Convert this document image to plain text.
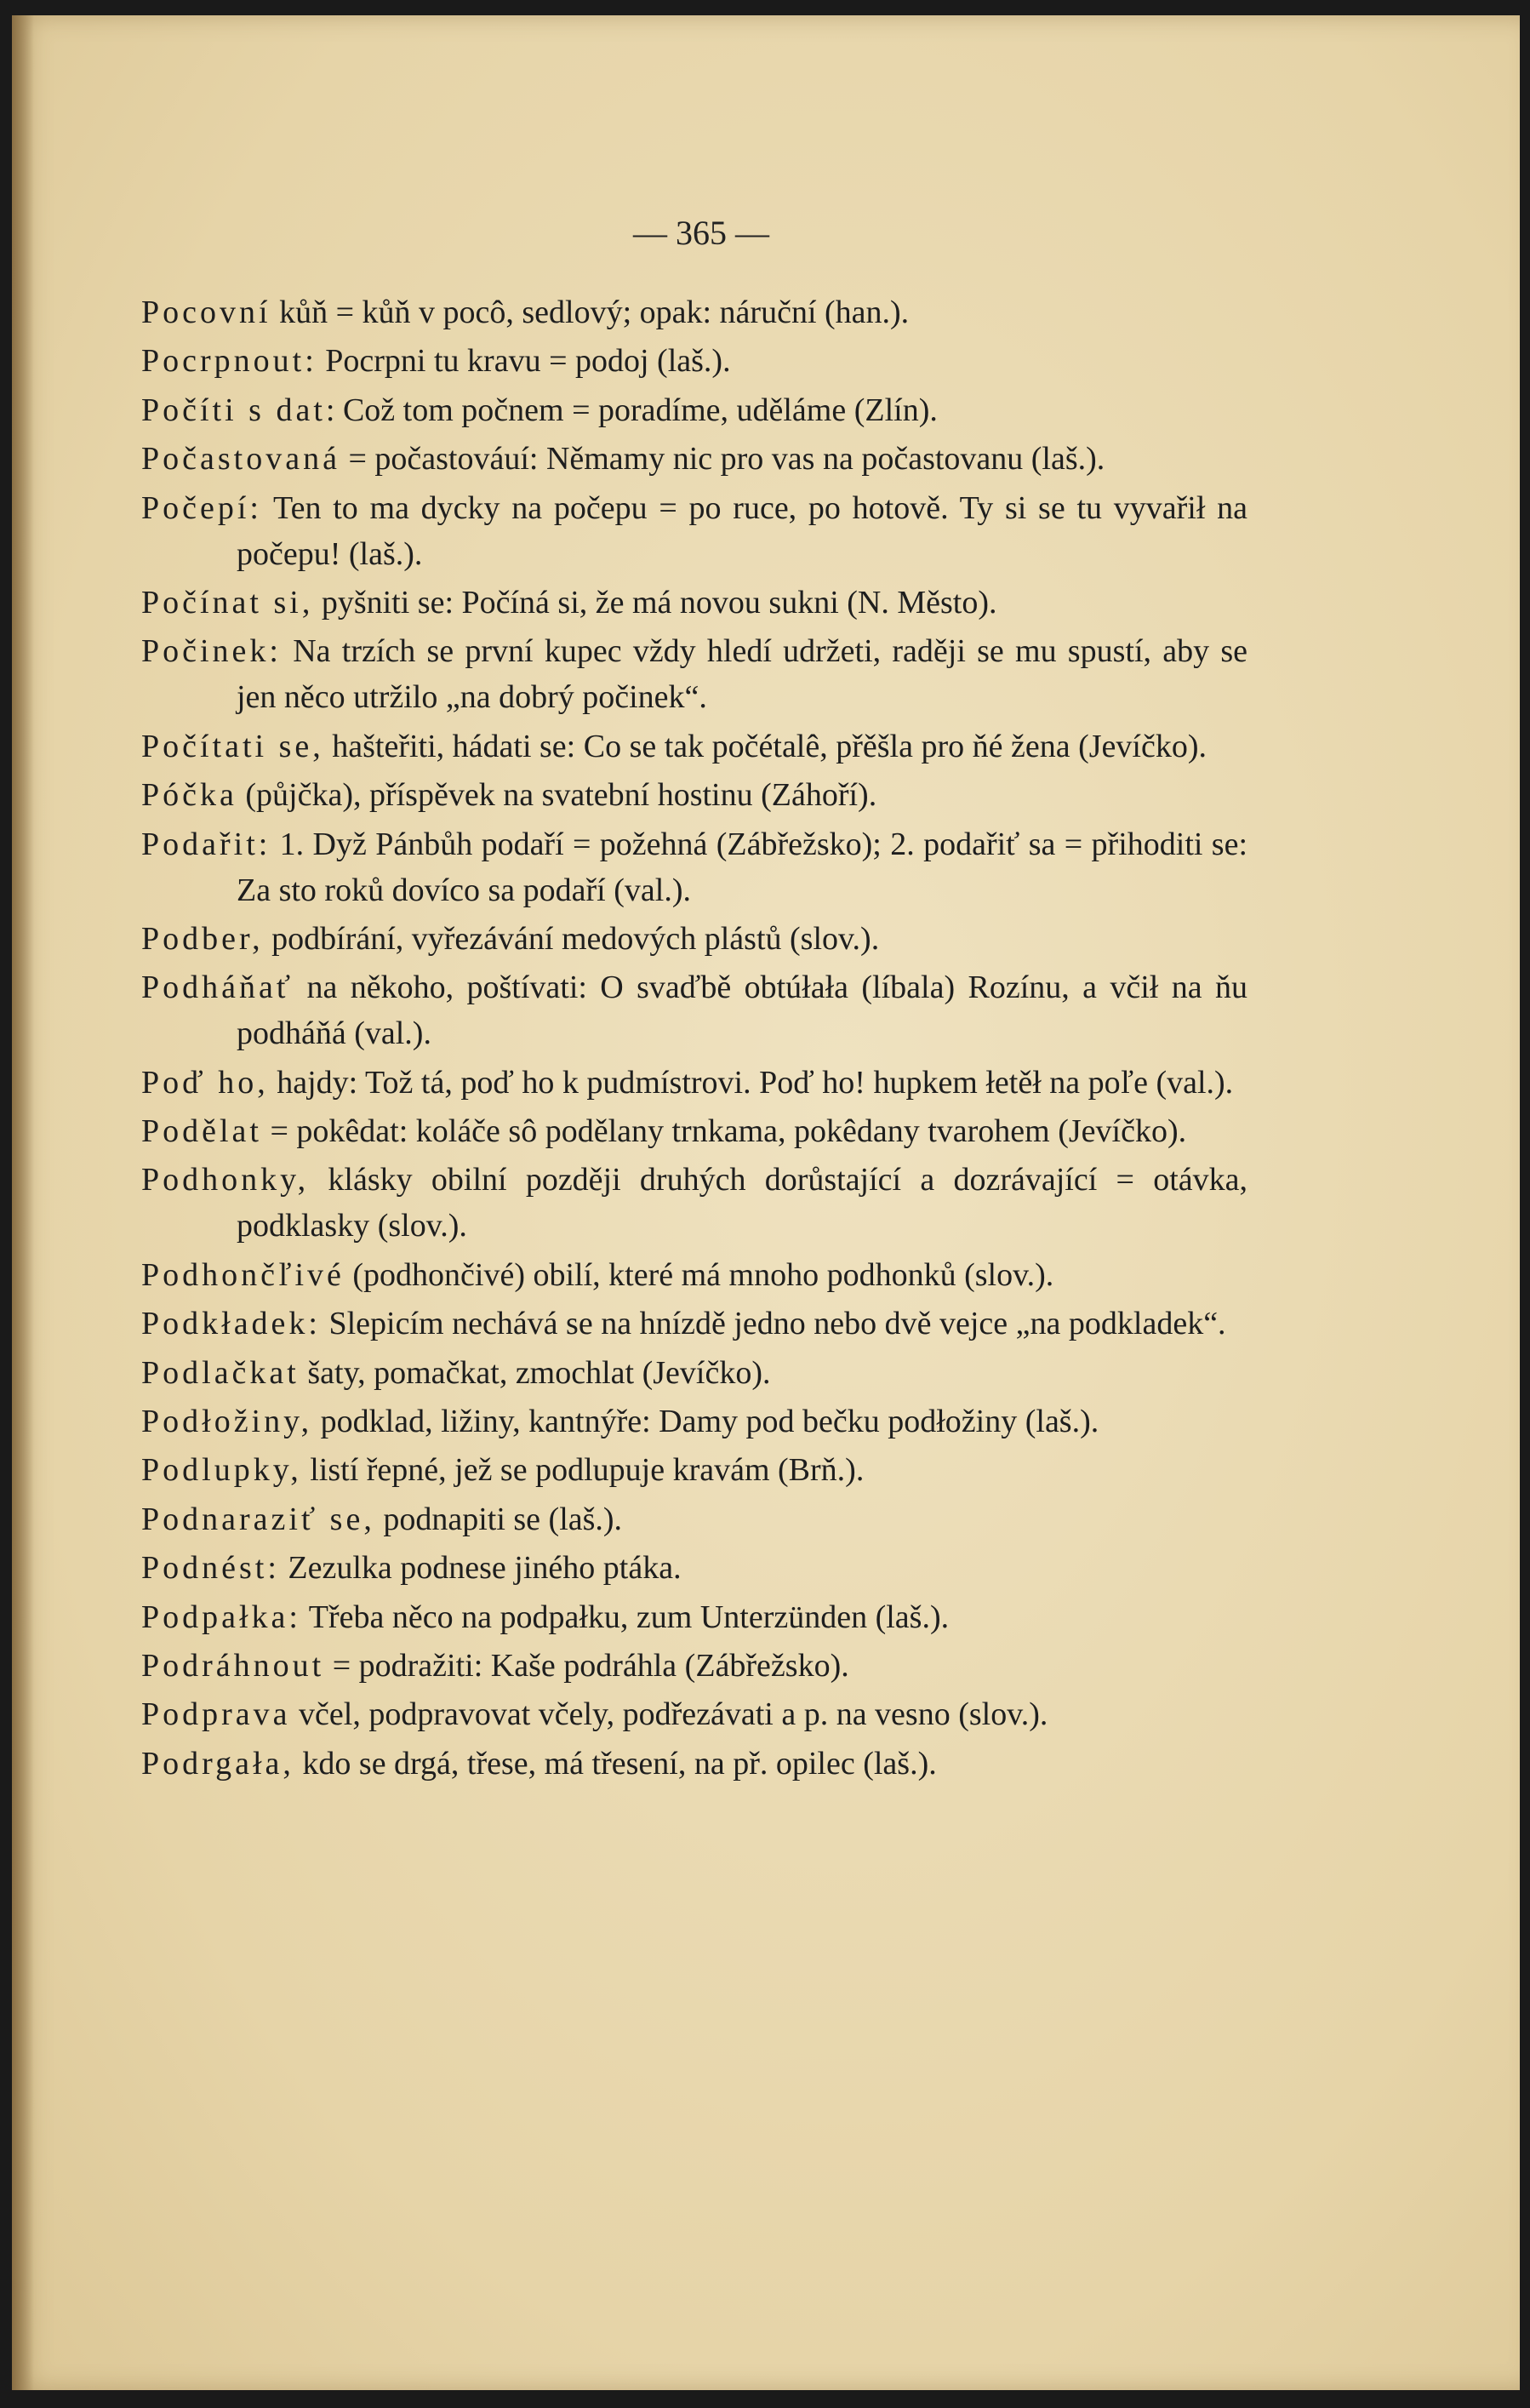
— 365 —

Pocovní kůň = kůň v pocô, sedlový; opak: náruční (han.).

Pocrpnout: Pocrpni tu kravu = podoj (laš.).

Počíti s dat: Což tom počnem = poradíme, uděláme (Zlín).

Počastovaná = počastováuí: Němamy nic pro vas na počastovanu (laš.).

Počepí: Ten to ma dycky na počepu = po ruce, po hotově. Ty si se tu vyvařił na počepu! (laš.).

Počínat si, pyšniti se: Počíná si, že má novou sukni (N. Město).

Počinek: Na trzích se první kupec vždy hledí udržeti, raději se mu spustí, aby se jen něco utržilo „na dobrý počinek“.

Počítati se, hašteřiti, hádati se: Co se tak počétalê, přěšla pro ňé žena (Jevíčko).

Póčka (půjčka), příspěvek na svatební hostinu (Záhoří).

Podařit: 1. Dyž Pánbůh podaří = požehná (Zábřežsko); 2. podařiť sa = přihoditi se: Za sto roků dovíco sa podaří (val.).

Podber, podbírání, vyřezávání medových plástů (slov.).

Podháňať na někoho, poštívati: O svaďbě obtúłała (líbala) Rozínu, a včił na ňu podháňá (val.).

Poď ho, hajdy: Tož tá, poď ho k pudmístrovi. Poď ho! hupkem łetěł na poľe (val.).

Podělat = pokêdat: koláče sô podělany trnkama, pokêdany tvarohem (Jevíčko).

Podhonky, klásky obilní později druhých dorůstající a dozrávající = otávka, podklasky (slov.).

Podhončľivé (podhončivé) obilí, které má mnoho podhonků (slov.).

Podkładek: Slepicím nechává se na hnízdě jedno nebo dvě vejce „na podkladek“.

Podlačkat šaty, pomačkat, zmochlat (Jevíčko).

Podłožiny, podklad, ližiny, kantnýře: Damy pod bečku podłožiny (laš.).

Podlupky, listí řepné, jež se podlupuje kravám (Brň.).

Podnaraziť se, podnapiti se (laš.).

Podnést: Zezulka podnese jiného ptáka.

Podpałka: Třeba něco na podpałku, zum Unterzünden (laš.).

Podráhnout = podražiti: Kaše podráhla (Zábřežsko).

Podprava včel, podpravovat včely, podřezávati a p. na vesno (slov.).

Podrgała, kdo se drgá, třese, má třesení, na př. opilec (laš.).
